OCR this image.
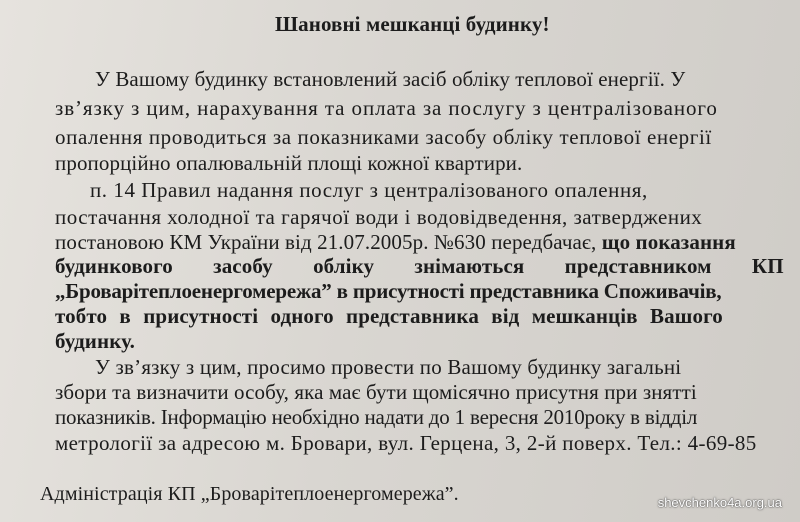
Шановні мешканці будинку!
У Вашому будинку встановлений засіб обліку теплової енергії. У
зв’язку з цим, нарахування та оплата за послугу з централізованого
опалення проводиться за показниками засобу обліку теплової енергії
пропорційно опалювальній площі кожної квартири.
п. 14 Правил надання послуг з централізованого опалення,
постачання холодної та гарячої води і водовідведення, затверджених
постановою КМ України від 21.07.2005р. №630 передбачає, що показання
будинкового засобу обліку знімаються представником КП
„Броварітеплоенергомережа” в присутності представника Споживачів,
тобто в присутності одного представника від мешканців Вашого
будинку.
У зв’язку з цим, просимо провести по Вашому будинку загальні
збори та визначити особу, яка має бути щомісячно присутня при знятті
показників. Інформацію необхідно надати до 1 вересня 2010року в відділ
метрології за адресою м. Бровари, вул. Герцена, 3, 2-й поверх. Тел.: 4-69-85
Адміністрація КП „Броварітеплоенергомережа”.	shevchenko4a.org.ua
